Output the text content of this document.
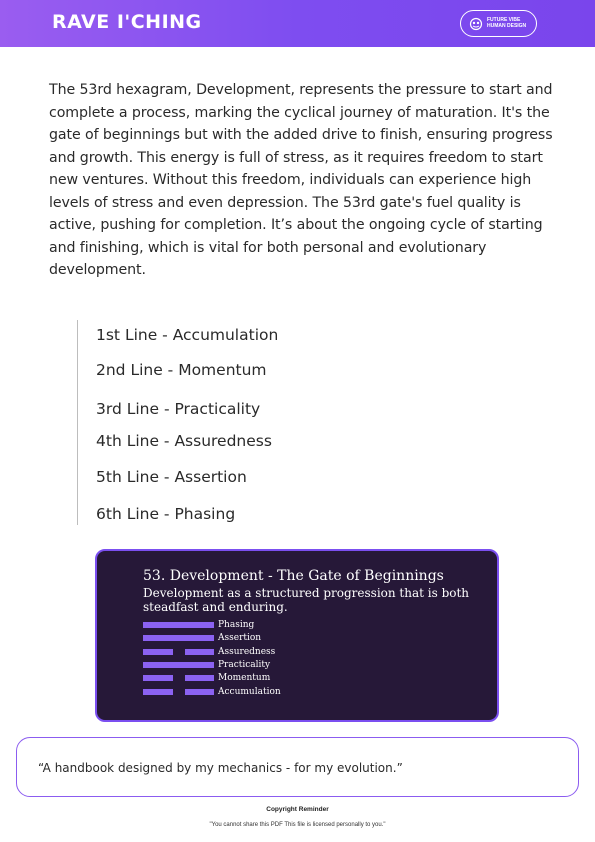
RAVE I'CHING	FUTURE VIBE
HUMAN DESIGN

The 53rd hexagram, Development, represents the pressure to start and complete a process, marking the cyclical journey of maturation. It's the gate of beginnings but with the added drive to finish, ensuring progress and growth. This energy is full of stress, as it requires freedom to start new ventures. Without this freedom, individuals can experience high levels of stress and even depression. The 53rd gate's fuel quality is active, pushing for completion. It’s about the ongoing cycle of starting and finishing, which is vital for both personal and evolutionary development.

1st Line - Accumulation
2nd Line - Momentum
3rd Line - Practicality
4th Line - Assuredness
5th Line - Assertion
6th Line - Phasing
53. Development - The Gate of Beginnings
Development as a structured progression that is both steadfast and enduring.
Phasing
Assertion
Assuredness
Practicality
Momentum
Accumulation
“A handbook designed by my mechanics - for my evolution.”
Copyright Reminder
"You cannot share this PDF This file is licensed personally to you."
